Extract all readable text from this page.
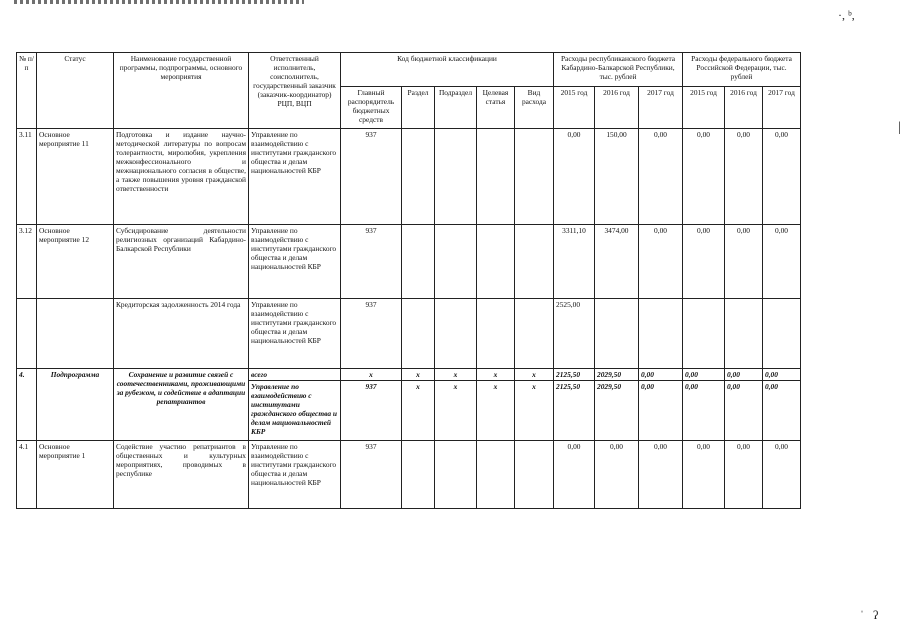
·, ᵇ,
|
ˈ   ʔ
№ п/п	Статус	Наименование государственной программы, подпрограммы, основного мероприятия	Ответственный исполнитель, соисполнитель, государственный заказчик (заказчик-координатор) РЦП, ВЦП	Код бюджетной классификации					Расходы республиканского бюджета Кабардино-Балкарской Республики, тыс. рублей			Расходы федерального бюджета Российской Федерации, тыс. рублей		
				Главный распорядитель бюджетных средств	Раздел	Подраздел	Целевая статья	Вид расхода	2015 год	2016 год	2017 год	2015 год	2016 год	2017 год
3.11	Основное мероприятие 11	Подготовка и издание научно-методической литературы по вопросам толерантности, миролюбия, укрепления межконфессионального и межнационального согласия в обществе, а также повышения уровня гражданской ответственности	Управление по взаимодействию с институтами гражданского общества и делам национальностей КБР	937					0,00	150,00	0,00	0,00	0,00	0,00
3.12	Основное мероприятие 12	Субсидирование деятельности религиозных организаций Кабардино-Балкарской Республики	Управление по взаимодействию с институтами гражданского общества и делам национальностей КБР	937					3311,10	3474,00	0,00	0,00	0,00	0,00
		Кредиторская задолженность 2014 года	Управление по взаимодействию с институтами гражданского общества и делам национальностей КБР	937					2525,00					
4.	Подпрограмма	Сохранение и развитие связей с соотечественниками, проживающими за рубежом, и содействие в адаптации репатриантов	всего	x	x	x	x	x	2125,50	2029,50	0,00	0,00	0,00	0,00
			Управление по взаимодействию с институтами гражданского общества и делам национальностей КБР	937	x	x	x	x	2125,50	2029,50	0,00	0,00	0,00	0,00
4.1	Основное мероприятие 1	Содействие участию репатриантов в общественных и культурных мероприятиях, проводимых в республике	Управление по взаимодействию с институтами гражданского общества и делам национальностей КБР	937					0,00	0,00	0,00	0,00	0,00	0,00
